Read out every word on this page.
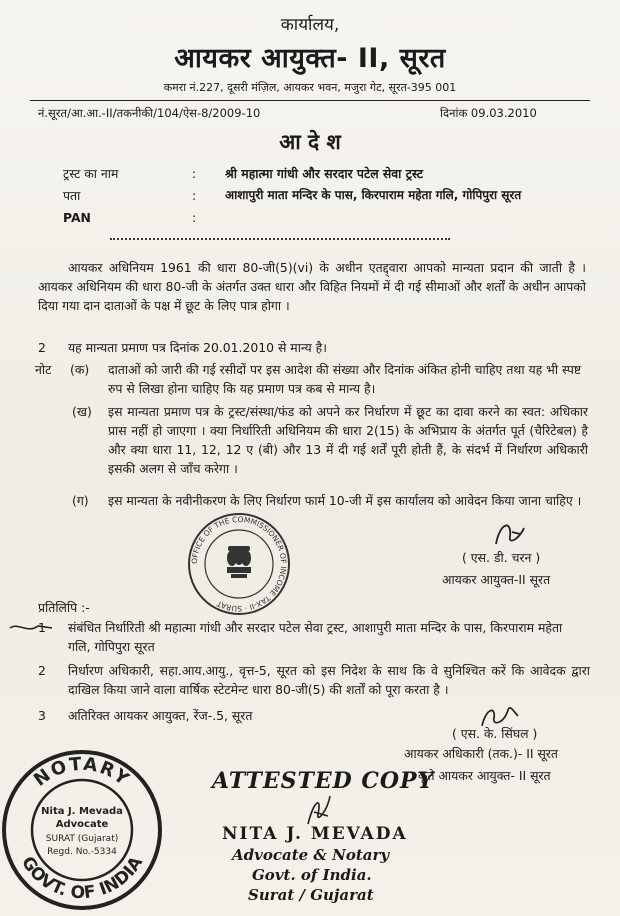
कार्यालय,
आयकर आयुक्त- II, सूरत
कमरा नं.227, दूसरी मंज़िल, आयकर भवन, मजुरा गेट, सूरत-395 001
नं.सूरत/आ.आ.-II/तकनीकी/104/ऐस-8/2009-10	दिनांक 09.03.2010
आ दे श
ट्रस्ट का नाम	: श्री महात्मा गांधी और सरदार पटेल सेवा ट्रस्ट
पता	: आशापुरी माता मन्दिर के पास, किरपाराम महेता गलि, गोपिपुरा सूरत
PAN	:
आयकर अधिनियम 1961 की धारा 80-जी(5)(vi) के अधीन एतद्द्वारा आपको मान्यता प्रदान की जाती है । आयकर अधिनियम की धारा 80-जी के अंतर्गत उक्त धारा और विहित नियमों में दी गई सीमाओं और शर्तों के अधीन आपको दिया गया दान दाताओं के पक्ष में छूट के लिए पात्र होगा ।
2 यह मान्यता प्रमाण पत्र दिनांक 20.01.2010 से मान्य है।
नोट (क) दाताओं को जारी की गई रसीदों पर इस आदेश की संख्या और दिनांक अंकित होनी चाहिए तथा यह भी स्पष्ट रुप से लिखा होना चाहिए कि यह प्रमाण पत्र कब से मान्य है।
(ख) इस मान्यता प्रमाण पत्र के ट्रस्ट/संस्था/फंड को अपने कर निर्धारण में छूट का दावा करने का स्वत: अधिकार प्रास नहीं हो जाएगा । क्या निर्धारिती अधिनियम की धारा 2(15) के अभिप्राय के अंतर्गत पूर्त (चैरिटेबल) है और क्या धारा 11, 12, 12 ए (बी) और 13 में दी गई शर्तें पूरी होती हैं, के संदर्भ में निर्धारण अधिकारी इसकी अलग से जाँच करेगा ।
(ग) इस मान्यता के नवीनीकरण के लिए निर्धारण फार्म 10-जी में इस कार्यालय को आवेदन किया जाना चाहिए ।
OFFICE OF THE COMMISSIONER OF INCOME TAX-II · SURAT
( एस. डी. चरन )
आयकर आयुक्त-II सूरत
प्रतिलिपि :-
1 संबंधित निर्धारिती श्री महात्मा गांधी और सरदार पटेल सेवा ट्रस्ट, आशापुरी माता मन्दिर के पास, किरपाराम महेता गलि, गोपिपुरा सूरत
2 निर्धारण अधिकारी, सहा.आय.आयु., वृत्त-5, सूरत को इस निदेश के साथ कि वे सुनिश्चित करें कि आवेदक द्वारा दाखिल किया जाने वाला वार्षिक स्टेटमेन्ट धारा 80-जी(5) की शर्तों को पूरा करता है ।
3 अतिरिक्त आयकर आयुक्त, रेंज-.5, सूरत
( एस. के. सिंघल )
आयकर अधिकारी (तक.)- II सूरत
कृते आयकर आयुक्त- II सूरत
NOTARY
GOVT. OF INDIA
Nita J. Mevada
Advocate
SURAT (Gujarat)
Regd. No.-5334
ATTESTED COPY
NITA J. MEVADA
Advocate & Notary
Govt. of India.
Surat / Gujarat
